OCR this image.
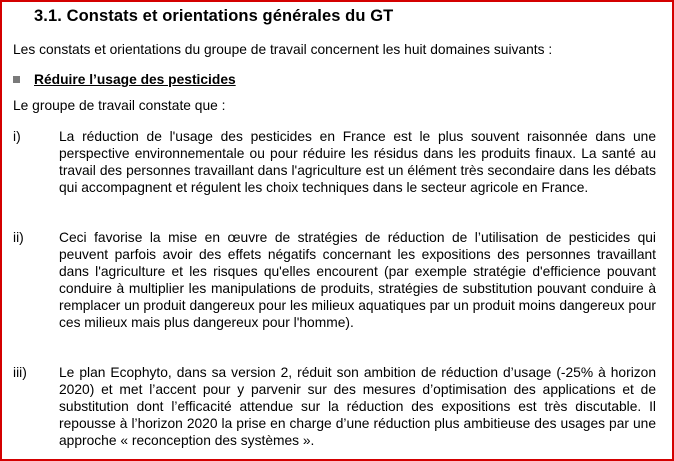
3.1. Constats et orientations générales du GT

Les constats et orientations du groupe de travail concernent les huit domaines suivants :

Réduire l’usage des pesticides

Le groupe de travail constate que :

i)	La réduction de l'usage des pesticides en France est le plus souvent raisonnée dans une perspective environnementale ou pour réduire les résidus dans les produits finaux. La santé au travail des personnes travaillant dans l'agriculture est un élément très secondaire dans les débats qui accompagnent et régulent les choix techniques dans le secteur agricole en France.
ii)	Ceci favorise la mise en œuvre de stratégies de réduction de l’utilisation de pesticides qui peuvent parfois avoir des effets négatifs concernant les expositions des personnes travaillant dans l'agriculture et les risques qu'elles encourent (par exemple stratégie d'efficience pouvant conduire à multiplier les manipulations de produits, stratégies de substitution pouvant conduire à remplacer un produit dangereux pour les milieux aquatiques par un produit moins dangereux pour ces milieux mais plus dangereux pour l'homme).
iii)	Le plan Ecophyto, dans sa version 2, réduit son ambition de réduction d’usage (-25% à horizon 2020) et met l’accent pour y parvenir sur des mesures d’optimisation des applications et de substitution dont l’efficacité attendue sur la réduction des expositions est très discutable. Il repousse à l’horizon 2020 la prise en charge d’une réduction plus ambitieuse des usages par une approche « reconception des systèmes ».
